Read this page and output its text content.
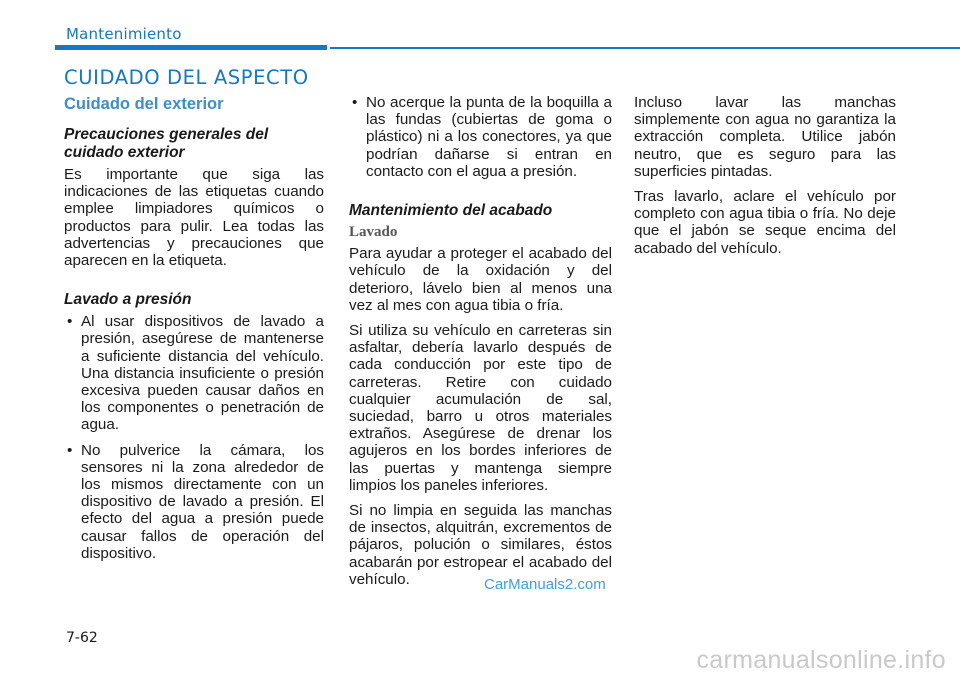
Mantenimiento
CUIDADO DEL ASPECTO
Cuidado del exterior
Precauciones generales del cuidado exterior

Es importante que siga las indicaciones de las etiquetas cuando emplee limpiadores químicos o productos para pulir. Lea todas las advertencias y precauciones que aparecen en la etiqueta.

Lavado a presión
• Al usar dispositivos de lavado a presión, asegúrese de mantenerse a suficiente distancia del vehículo. Una distancia insuficiente o presión excesiva pueden causar daños en los componentes o penetración de agua.
• No pulverice la cámara, los sensores ni la zona alrededor de los mismos directamente con un dispositivo de lavado a presión. El efecto del agua a presión puede causar fallos de operación del dispositivo.
• No acerque la punta de la boquilla a las fundas (cubiertas de goma o plástico) ni a los conectores, ya que podrían dañarse si entran en contacto con el agua a presión.
Mantenimiento del acabado
Lavado

Para ayudar a proteger el acabado del vehículo de la oxidación y del deterioro, lávelo bien al menos una vez al mes con agua tibia o fría.

Si utiliza su vehículo en carreteras sin asfaltar, debería lavarlo después de cada conducción por este tipo de carreteras. Retire con cuidado cualquier acumulación de sal, suciedad, barro u otros materiales extraños. Asegúrese de drenar los agujeros en los bordes inferiores de las puertas y mantenga siempre limpios los paneles inferiores.

Si no limpia en seguida las manchas de insectos, alquitrán, excrementos de pájaros, polución o similares, éstos acabarán por estropear el acabado del vehículo.

Incluso lavar las manchas simplemente con agua no garantiza la extracción completa. Utilice jabón neutro, que es seguro para las superficies pintadas.

Tras lavarlo, aclare el vehículo por completo con agua tibia o fría. No deje que el jabón se seque encima del acabado del vehículo.

CarManuals2.com
7-62
carmanualsonline.info
